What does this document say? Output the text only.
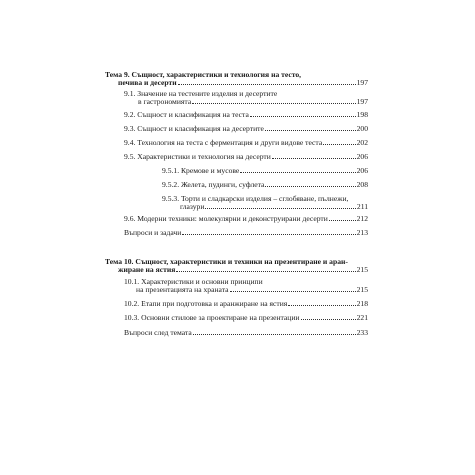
Тема 9. Същност, характеристики и технология на тесто,
печива и десерти	197
9.1. Значение на тестените изделия и десертите
в гастрономията	197
9.2. Същност и класификация на теста	198
9.3. Същност и класификация на десертите	200
9.4. Технология на теста с ферментация и други видове теста	202
9.5. Характеристики и технология на десерти	206
9.5.1. Кремове и мусове	206
9.5.2. Желета, пудинги, суфлета	208
9.5.3. Торти и сладкарски изделия – сглобяване, пълнежи,
глазури	211
9.6. Модерни техники: молекулярни и деконструирани десерти	212
Въпроси и задачи	213
Тема 10. Същност, характеристики и техники на презентиране и аран-
жиране на ястия	215
10.1. Характеристики и основни принципи
на презентацията на храната	215
10.2. Етапи при подготовка и аранжиране на ястия	218
10.3. Основни стилове за проектиране на презентации	221
Въпроси след темата	233
